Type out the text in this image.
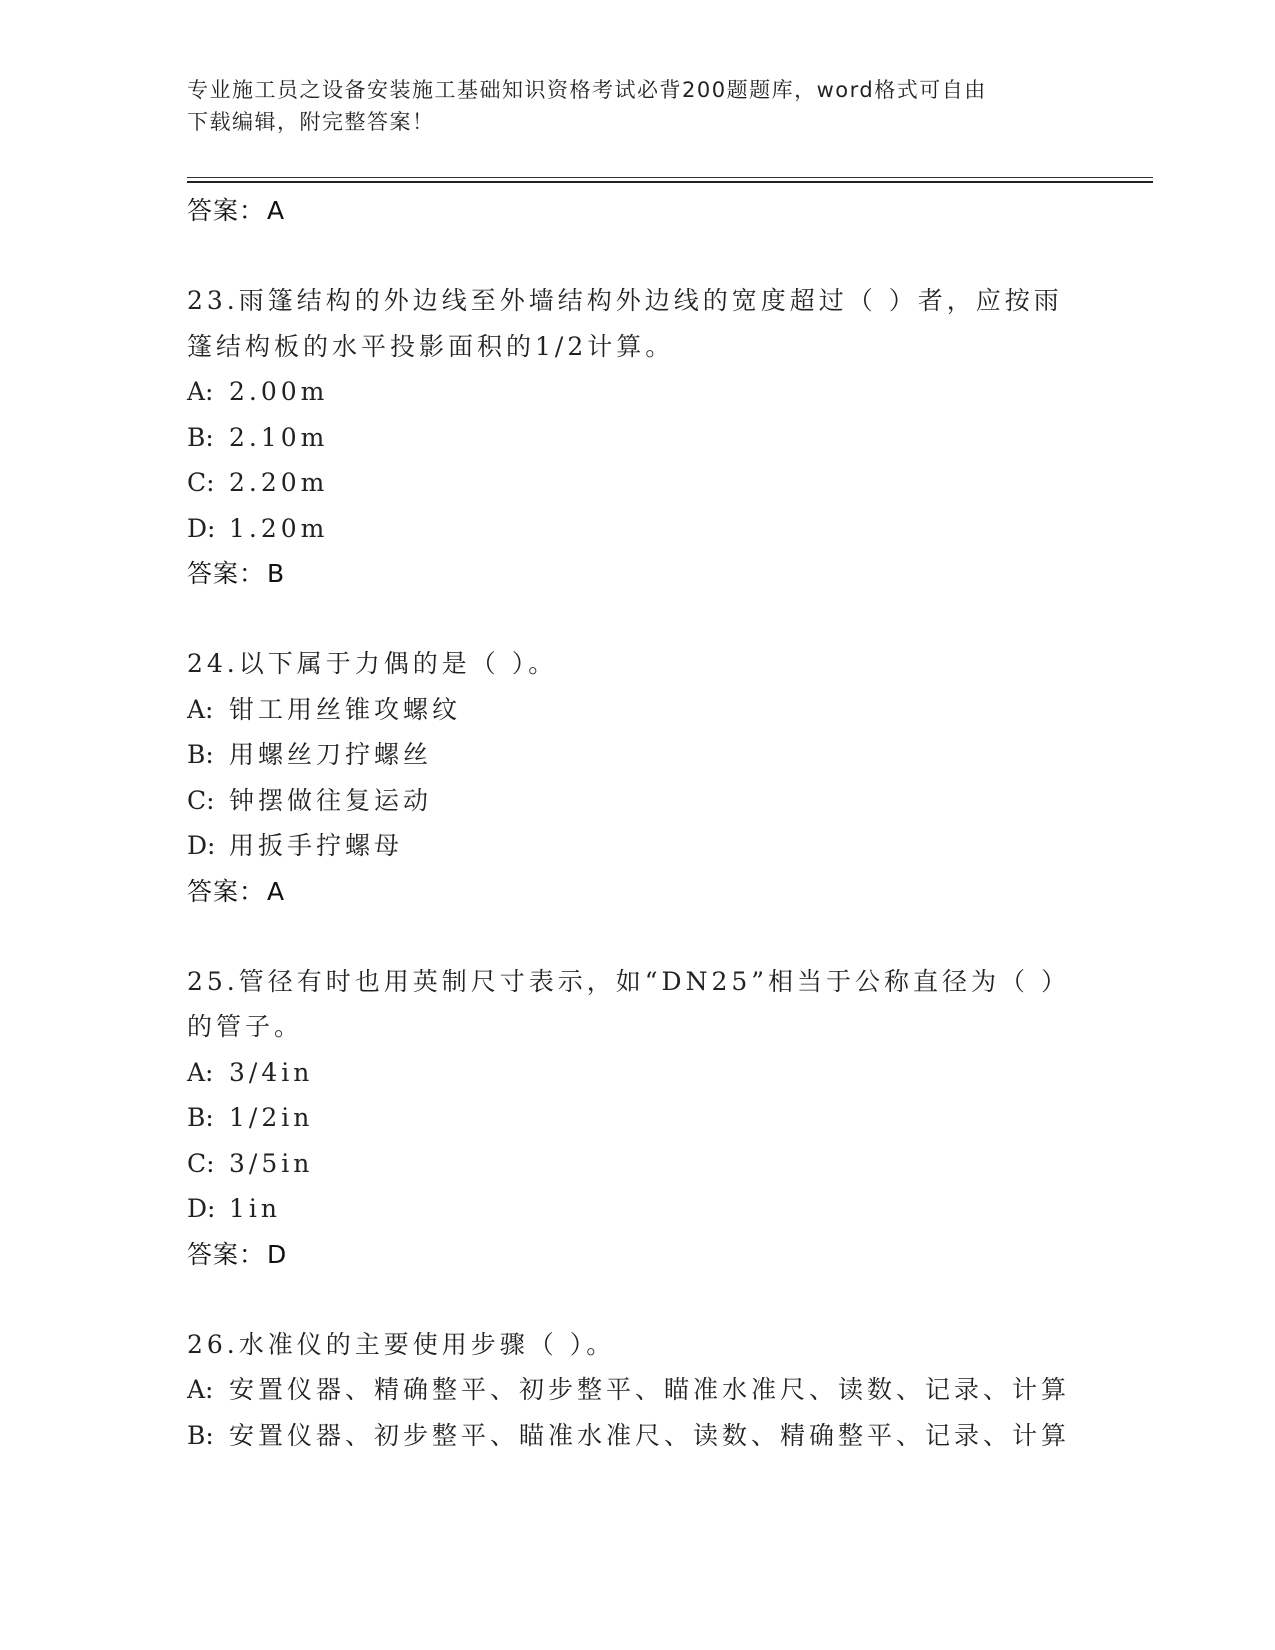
专业施工员之设备安装施工基础知识资格考试必背200题题库，word格式可自由
下载编辑，附完整答案！
答案：A
23.雨篷结构的外边线至外墙结构外边线的宽度超过（ ）者，应按雨
篷结构板的水平投影面积的1/2计算。
A: 2.00m
B: 2.10m
C: 2.20m
D: 1.20m
答案：B
24.以下属于力偶的是（ ）。
A: 钳工用丝锥攻螺纹
B: 用螺丝刀拧螺丝
C: 钟摆做往复运动
D: 用扳手拧螺母
答案：A
25.管径有时也用英制尺寸表示，如“DN25”相当于公称直径为（ ）
的管子。
A: 3/4in
B: 1/2in
C: 3/5in
D: 1in
答案：D
26.水准仪的主要使用步骤（ ）。
A: 安置仪器、精确整平、初步整平、瞄准水准尺、读数、记录、计算
B: 安置仪器、初步整平、瞄准水准尺、读数、精确整平、记录、计算
